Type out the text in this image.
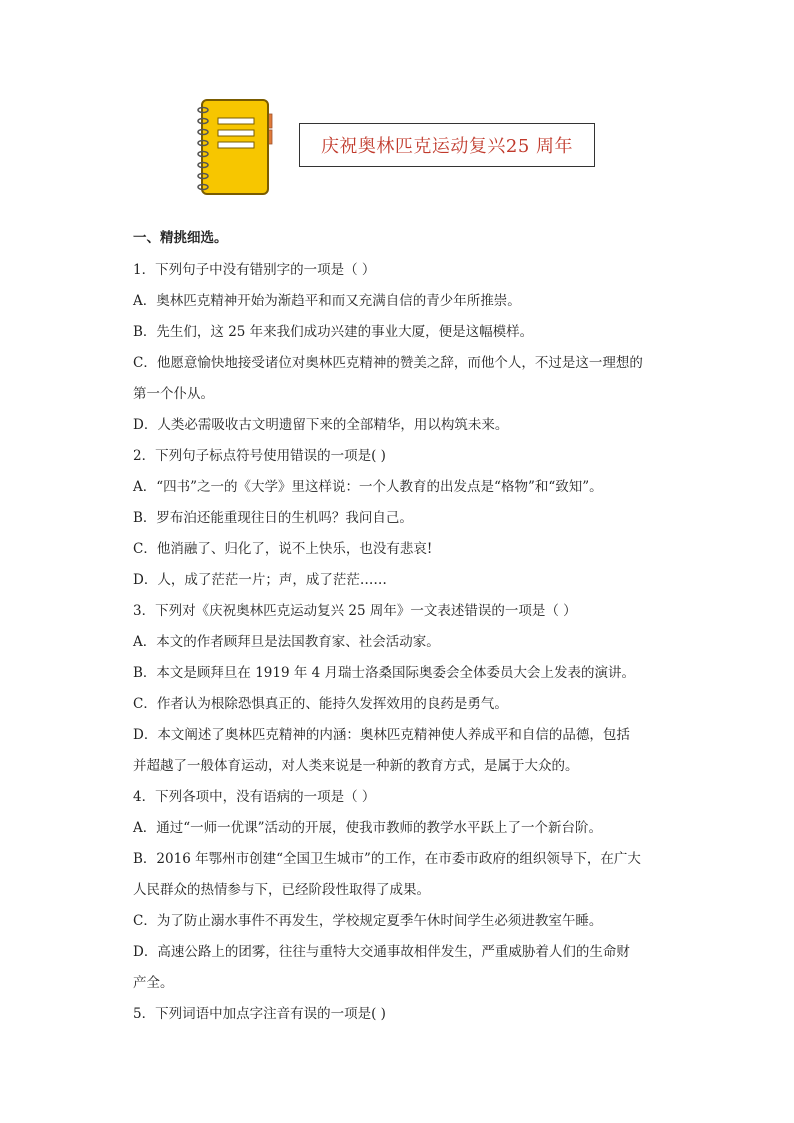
庆祝奥林匹克运动复兴25 周年
一、精挑细选。
1．下列句子中没有错别字的一项是（ ）
A．奥林匹克精神开始为渐趋平和而又充满自信的青少年所推崇。
B．先生们，这 25 年来我们成功兴建的事业大厦，便是这幅模样。
C．他愿意愉快地接受诸位对奥林匹克精神的赞美之辞，而他个人，不过是这一理想的
第一个仆从。
D．人类必需吸收古文明遗留下来的全部精华，用以构筑未来。
2．下列句子标点符号使用错误的一项是( )
A．“四书”之一的《大学》里这样说：一个人教育的出发点是“格物”和“致知”。
B．罗布泊还能重现往日的生机吗？我问自己。
C．他消融了、归化了，说不上快乐，也没有悲哀!
D．人，成了茫茫一片；声，成了茫茫……
3．下列对《庆祝奥林匹克运动复兴 25 周年》一文表述错误的一项是（ ）
A．本文的作者顾拜旦是法国教育家、社会活动家。
B．本文是顾拜旦在 1919 年 4 月瑞士洛桑国际奥委会全体委员大会上发表的演讲。
C．作者认为根除恐惧真正的、能持久发挥效用的良药是勇气。
D．本文阐述了奥林匹克精神的内涵：奥林匹克精神使人养成平和自信的品德，包括
并超越了一般体育运动，对人类来说是一种新的教育方式，是属于大众的。
4．下列各项中，没有语病的一项是（ ）
A．通过“一师一优课”活动的开展，使我市教师的教学水平跃上了一个新台阶。
B．2016 年鄂州市创建“全国卫生城市”的工作，在市委市政府的组织领导下，在广大
人民群众的热情参与下，已经阶段性取得了成果。
C．为了防止溺水事件不再发生，学校规定夏季午休时间学生必须进教室午睡。
D．高速公路上的团雾，往往与重特大交通事故相伴发生，严重威胁着人们的生命财
产全。
5．下列词语中加点字注音有误的一项是( )
